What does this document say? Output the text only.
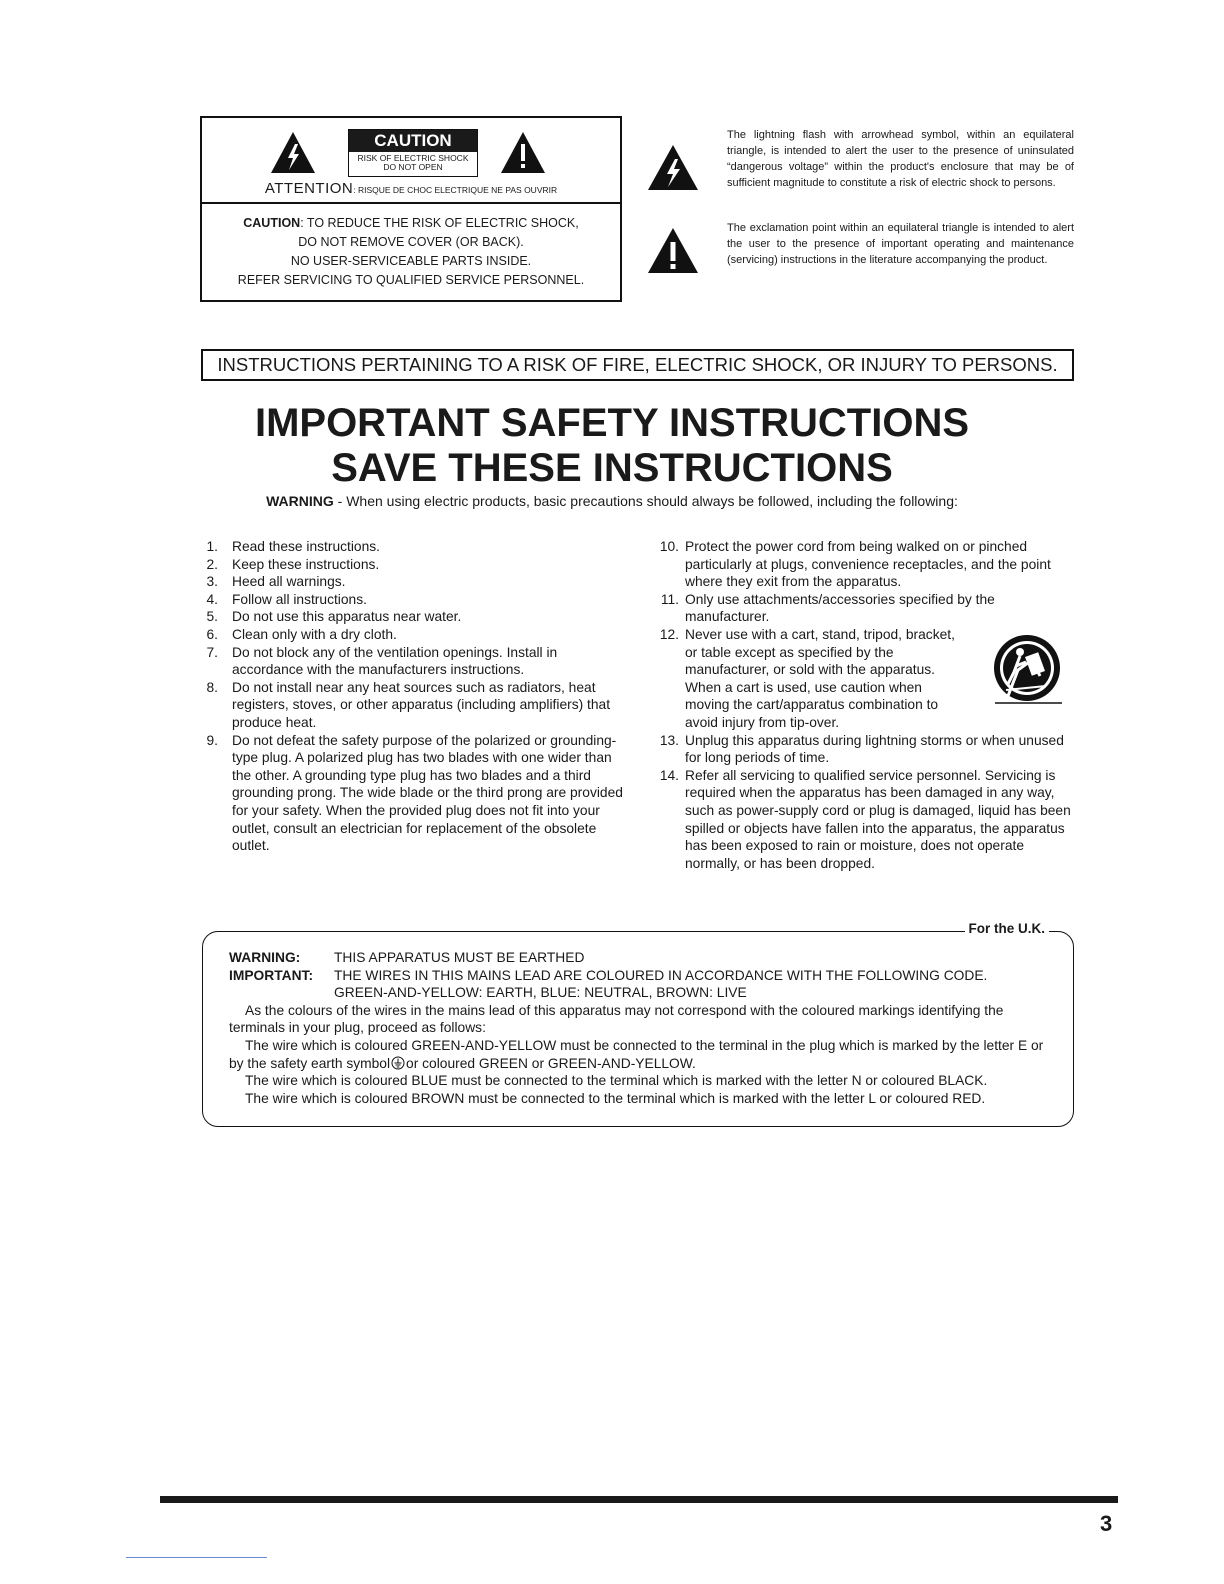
CAUTION
RISK OF ELECTRIC SHOCK
DO NOT OPEN
ATTENTION: RISQUE DE CHOC ELECTRIQUE NE PAS OUVRIR
CAUTION: TO REDUCE THE RISK OF ELECTRIC SHOCK,
DO NOT REMOVE COVER (OR BACK).
NO USER-SERVICEABLE PARTS INSIDE.
REFER SERVICING TO QUALIFIED SERVICE PERSONNEL.
The lightning flash with arrowhead symbol, within an equilateral triangle, is intended to alert the user to the presence of uninsulated “dangerous voltage” within the product's enclosure that may be of sufficient magnitude to constitute a risk of electric shock to persons.
The exclamation point within an equilateral triangle is intended to alert the user to the presence of important operating and maintenance (servicing) instructions in the literature accompanying the product.
INSTRUCTIONS PERTAINING TO A RISK OF FIRE, ELECTRIC SHOCK, OR INJURY TO PERSONS.
IMPORTANT SAFETY INSTRUCTIONS
SAVE THESE INSTRUCTIONS
WARNING - When using electric products, basic precautions should always be followed, including the following:
1. Read these instructions.
2. Keep these instructions.
3. Heed all warnings.
4. Follow all instructions.
5. Do not use this apparatus near water.
6. Clean only with a dry cloth.
7. Do not block any of the ventilation openings. Install in accordance with the manufacturers instructions.
8. Do not install near any heat sources such as radiators, heat registers, stoves, or other apparatus (including amplifiers) that produce heat.
9. Do not defeat the safety purpose of the polarized or grounding-type plug. A polarized plug has two blades with one wider than the other. A grounding type plug has two blades and a third grounding prong. The wide blade or the third prong are provided for your safety. When the provided plug does not fit into your outlet, consult an electrician for replacement of the obsolete outlet.
10. Protect the power cord from being walked on or pinched particularly at plugs, convenience receptacles, and the point where they exit from the apparatus.
11. Only use attachments/accessories specified by the manufacturer.
12. Never use with a cart, stand, tripod, bracket, or table except as specified by the manufacturer, or sold with the apparatus. When a cart is used, use caution when moving the cart/apparatus combination to avoid injury from tip-over.
13. Unplug this apparatus during lightning storms or when unused for long periods of time.
14. Refer all servicing to qualified service personnel. Servicing is required when the apparatus has been damaged in any way, such as power-supply cord or plug is damaged, liquid has been spilled or objects have fallen into the apparatus, the apparatus has been exposed to rain or moisture, does not operate normally, or has been dropped.
For the U.K.
WARNING: THIS APPARATUS MUST BE EARTHED
IMPORTANT: THE WIRES IN THIS MAINS LEAD ARE COLOURED IN ACCORDANCE WITH THE FOLLOWING CODE.
GREEN-AND-YELLOW: EARTH, BLUE: NEUTRAL, BROWN: LIVE
As the colours of the wires in the mains lead of this apparatus may not correspond with the coloured markings identifying the terminals in your plug, proceed as follows:
The wire which is coloured GREEN-AND-YELLOW must be connected to the terminal in the plug which is marked by the letter E or by the safety earth symbol or coloured GREEN or GREEN-AND-YELLOW.
The wire which is coloured BLUE must be connected to the terminal which is marked with the letter N or coloured BLACK.
The wire which is coloured BROWN must be connected to the terminal which is marked with the letter L or coloured RED.
3
